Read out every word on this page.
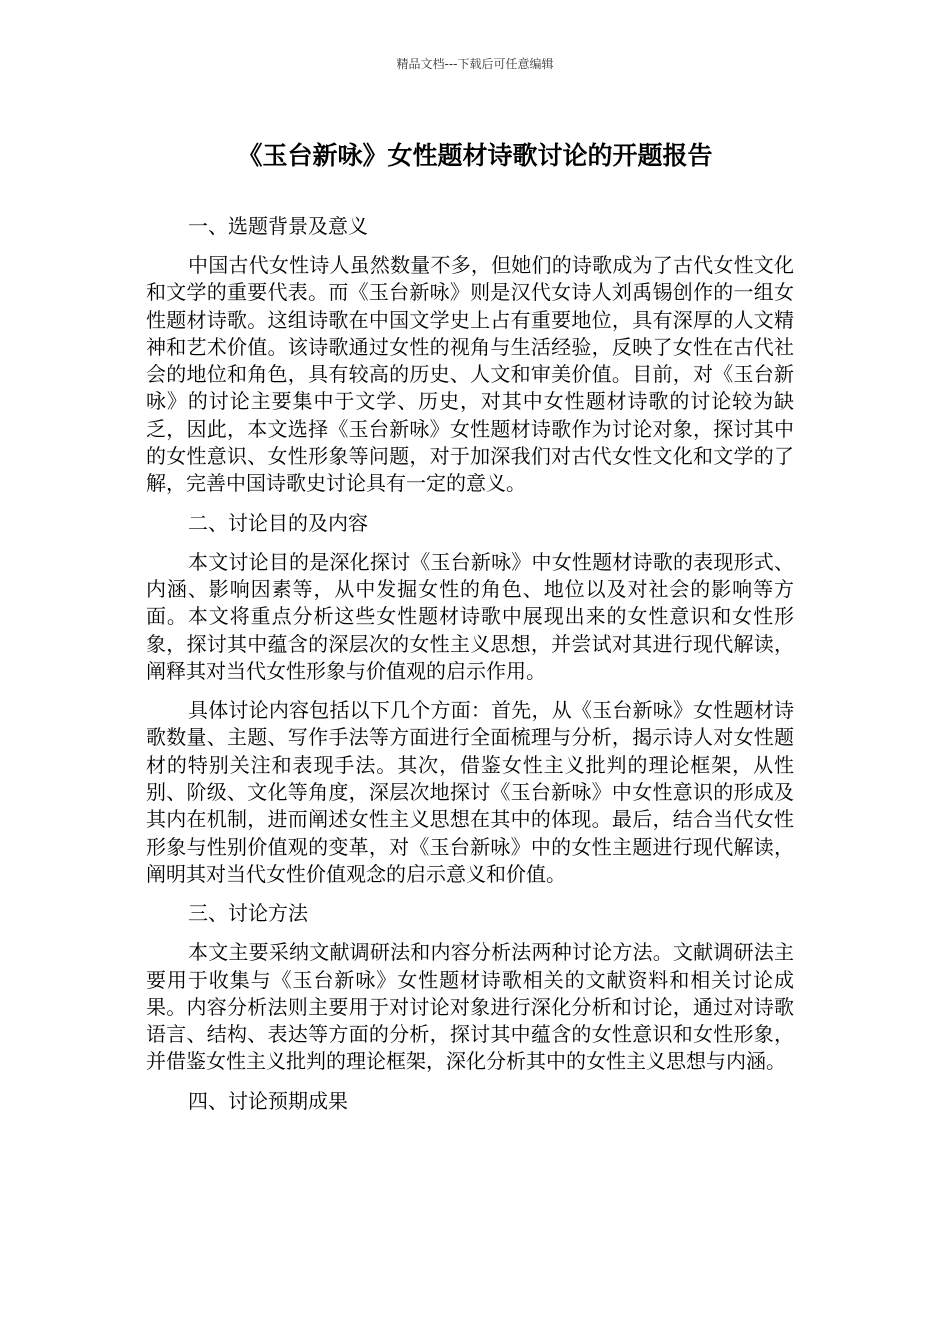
精品文档---下载后可任意编辑
《玉台新咏》女性题材诗歌讨论的开题报告

一、选题背景及意义

中国古代女性诗人虽然数量不多，但她们的诗歌成为了古代女性文化和文学的重要代表。而《玉台新咏》则是汉代女诗人刘禹锡创作的一组女性题材诗歌。这组诗歌在中国文学史上占有重要地位，具有深厚的人文精神和艺术价值。该诗歌通过女性的视角与生活经验，反映了女性在古代社会的地位和角色，具有较高的历史、人文和审美价值。目前，对《玉台新咏》的讨论主要集中于文学、历史，对其中女性题材诗歌的讨论较为缺乏，因此，本文选择《玉台新咏》女性题材诗歌作为讨论对象，探讨其中的女性意识、女性形象等问题，对于加深我们对古代女性文化和文学的了解，完善中国诗歌史讨论具有一定的意义。

二、讨论目的及内容

本文讨论目的是深化探讨《玉台新咏》中女性题材诗歌的表现形式、内涵、影响因素等，从中发掘女性的角色、地位以及对社会的影响等方面。本文将重点分析这些女性题材诗歌中展现出来的女性意识和女性形象，探讨其中蕴含的深层次的女性主义思想，并尝试对其进行现代解读，阐释其对当代女性形象与价值观的启示作用。

具体讨论内容包括以下几个方面：首先，从《玉台新咏》女性题材诗歌数量、主题、写作手法等方面进行全面梳理与分析，揭示诗人对女性题材的特别关注和表现手法。其次，借鉴女性主义批判的理论框架，从性别、阶级、文化等角度，深层次地探讨《玉台新咏》中女性意识的形成及其内在机制，进而阐述女性主义思想在其中的体现。最后，结合当代女性形象与性别价值观的变革，对《玉台新咏》中的女性主题进行现代解读，阐明其对当代女性价值观念的启示意义和价值。

三、讨论方法

本文主要采纳文献调研法和内容分析法两种讨论方法。文献调研法主要用于收集与《玉台新咏》女性题材诗歌相关的文献资料和相关讨论成果。内容分析法则主要用于对讨论对象进行深化分析和讨论，通过对诗歌语言、结构、表达等方面的分析，探讨其中蕴含的女性意识和女性形象，并借鉴女性主义批判的理论框架，深化分析其中的女性主义思想与内涵。

四、讨论预期成果
